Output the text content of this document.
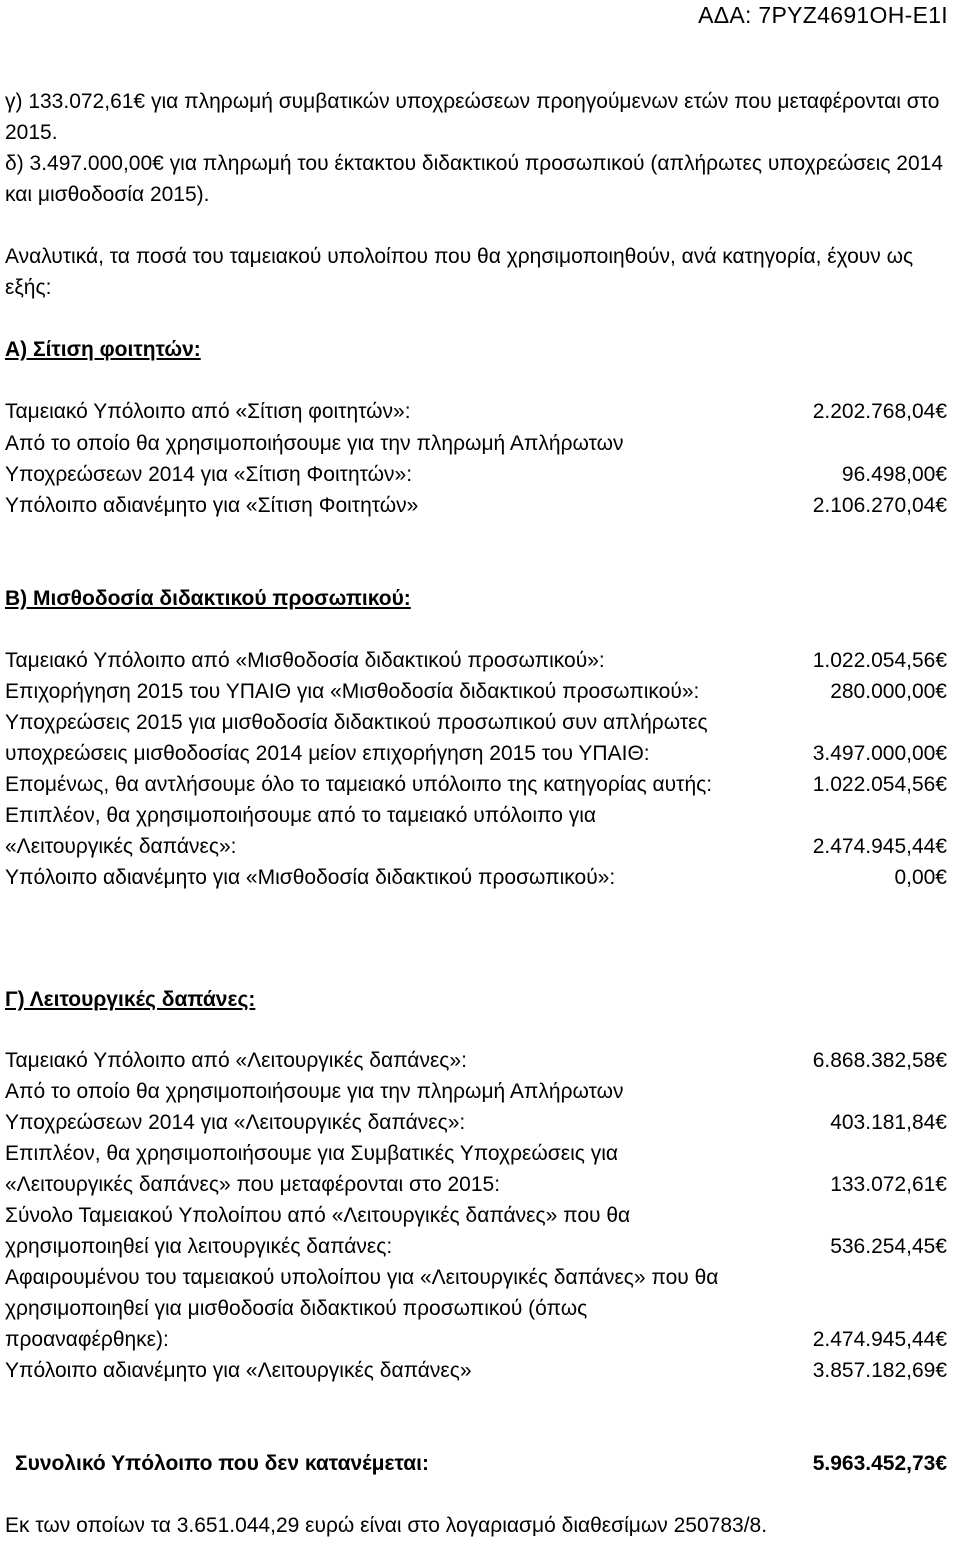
ΑΔΑ: 7ΡΥΖ4691ΟΗ-Ε1Ι
γ) 133.072,61€ για πληρωμή συμβατικών υποχρεώσεων προηγούμενων ετών που μεταφέρονται στο 2015.
δ) 3.497.000,00€ για πληρωμή του έκτακτου διδακτικού προσωπικού (απλήρωτες υποχρεώσεις 2014 και μισθοδοσία 2015).
Αναλυτικά, τα ποσά του ταμειακού υπολοίπου που θα χρησιμοποιηθούν, ανά κατηγορία, έχουν ως εξής:
Α) Σίτιση φοιτητών:
Ταμειακό Υπόλοιπο από «Σίτιση φοιτητών»:	2.202.768,04€
Από το οποίο θα χρησιμοποιήσουμε για την πληρωμή Απλήρωτων Υποχρεώσεων 2014 για «Σίτιση Φοιτητών»:	96.498,00€
Υπόλοιπο αδιανέμητο για «Σίτιση Φοιτητών»	2.106.270,04€
Β) Μισθοδοσία διδακτικού προσωπικού:
Ταμειακό Υπόλοιπο από «Μισθοδοσία διδακτικού προσωπικού»:	1.022.054,56€
Επιχορήγηση 2015 του ΥΠΑΙΘ για «Μισθοδοσία διδακτικού προσωπικού»:	280.000,00€
Υποχρεώσεις 2015 για μισθοδοσία διδακτικού προσωπικού συν απλήρωτες υποχρεώσεις μισθοδοσίας 2014 μείον επιχορήγηση 2015 του ΥΠΑΙΘ:	3.497.000,00€
Επομένως, θα αντλήσουμε όλο το ταμειακό υπόλοιπο της κατηγορίας αυτής:	1.022.054,56€
Επιπλέον, θα χρησιμοποιήσουμε από το ταμειακό υπόλοιπο για «Λειτουργικές δαπάνες»:	2.474.945,44€
Υπόλοιπο αδιανέμητο για «Μισθοδοσία διδακτικού προσωπικού»:	0,00€
Γ) Λειτουργικές δαπάνες:
Ταμειακό Υπόλοιπο από «Λειτουργικές δαπάνες»:	6.868.382,58€
Από το οποίο θα χρησιμοποιήσουμε για την πληρωμή Απλήρωτων Υποχρεώσεων 2014 για «Λειτουργικές δαπάνες»:	403.181,84€
Επιπλέον, θα χρησιμοποιήσουμε για Συμβατικές Υποχρεώσεις για «Λειτουργικές δαπάνες» που μεταφέρονται στο 2015:	133.072,61€
Σύνολο Ταμειακού Υπολοίπου από «Λειτουργικές δαπάνες» που θα χρησιμοποιηθεί για λειτουργικές δαπάνες:	536.254,45€
Αφαιρουμένου του ταμειακού υπολοίπου για «Λειτουργικές δαπάνες» που θα χρησιμοποιηθεί για μισθοδοσία διδακτικού προσωπικού (όπως προαναφέρθηκε):	2.474.945,44€
Υπόλοιπο αδιανέμητο για «Λειτουργικές δαπάνες»	3.857.182,69€
Συνολικό Υπόλοιπο που δεν κατανέμεται:	5.963.452,73€
Εκ των οποίων τα 3.651.044,29 ευρώ είναι στο λογαριασμό διαθεσίμων 250783/8.
